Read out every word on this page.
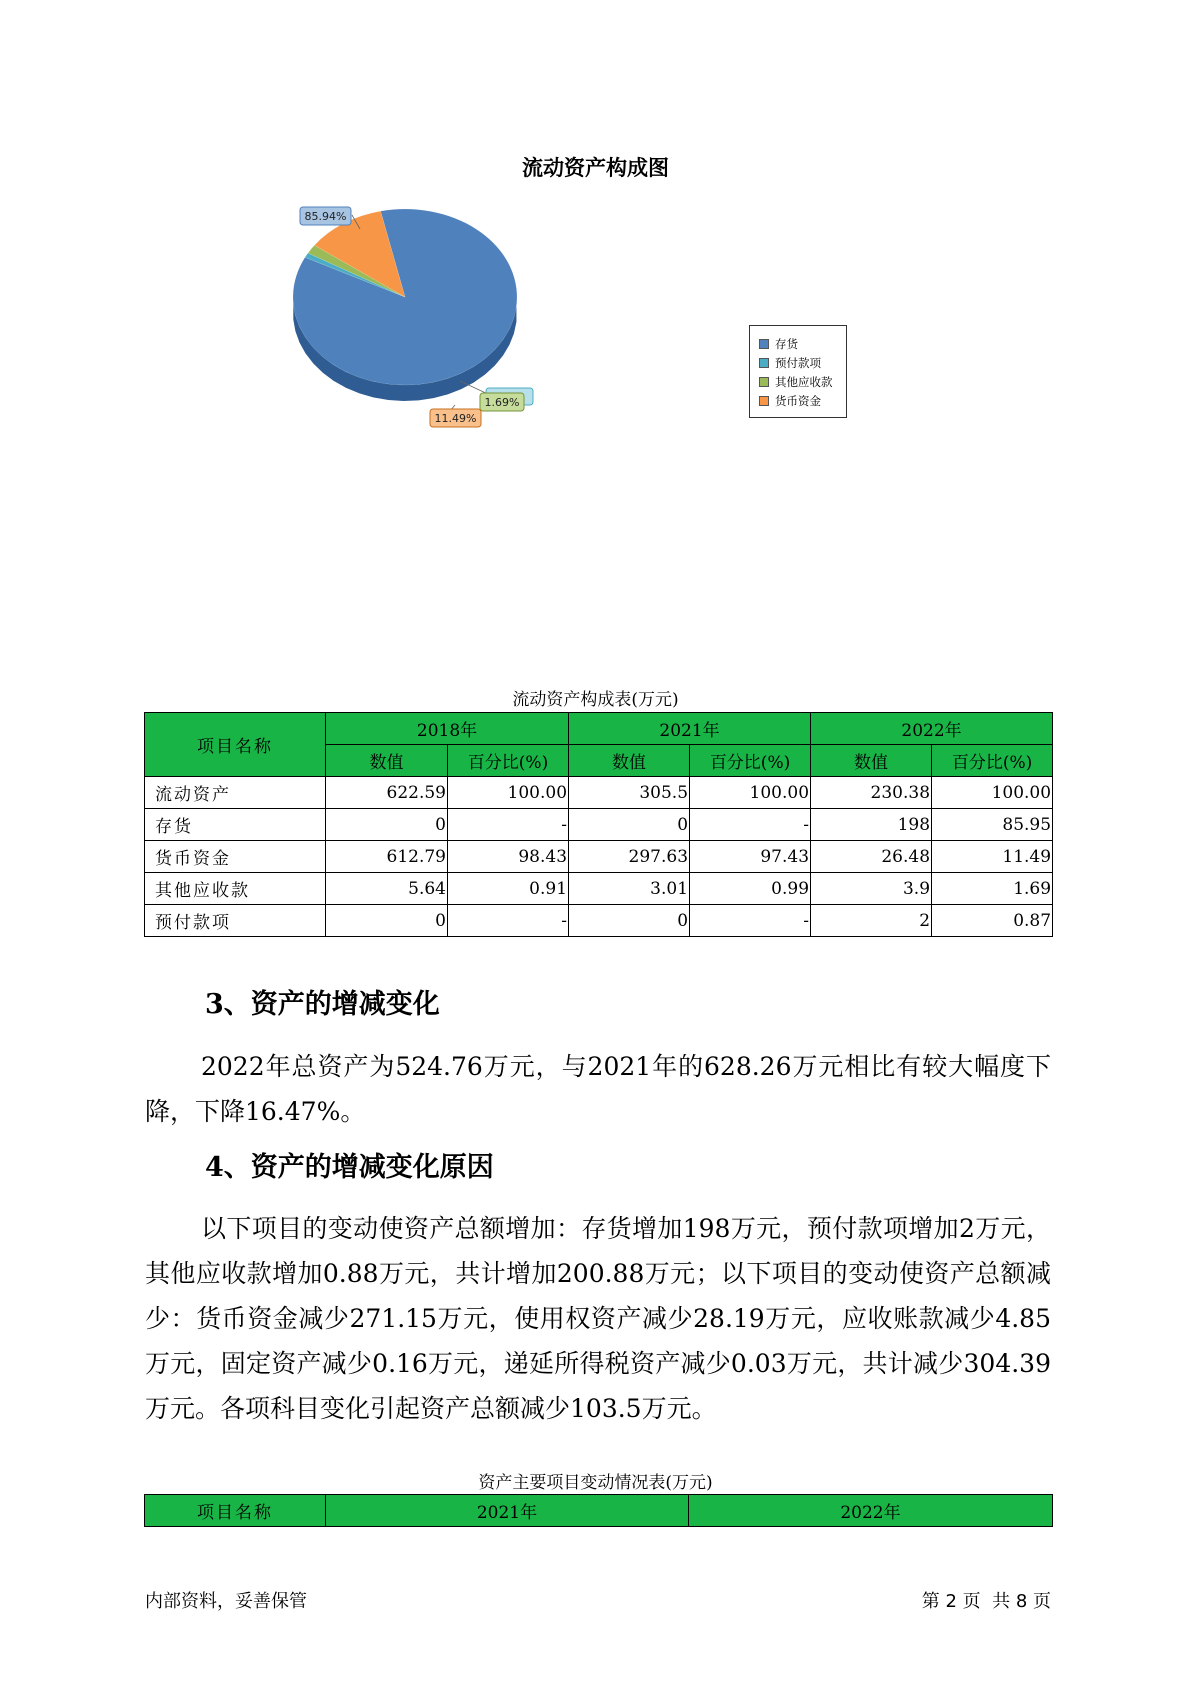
流动资产构成图
85.94%
1.69%
11.49%
存货
预付款项
其他应收款
货币资金
流动资产构成表(万元)
项目名称	2018年		2021年		2022年	
	数值	百分比(%)	数值	百分比(%)	数值	百分比(%)
流动资产	622.59	100.00	305.5	100.00	230.38	100.00
存货	0	-	0	-	198	85.95
货币资金	612.79	98.43	297.63	97.43	26.48	11.49
其他应收款	5.64	0.91	3.01	0.99	3.9	1.69
预付款项	0	-	0	-	2	0.87
3、资产的增减变化
2022年总资产为524.76万元，与2021年的628.26万元相比有较大幅度下降，下降16.47%。
4、资产的增减变化原因
以下项目的变动使资产总额增加：存货增加198万元，预付款项增加2万元，其他应收款增加0.88万元，共计增加200.88万元；以下项目的变动使资产总额减少：货币资金减少271.15万元，使用权资产减少28.19万元，应收账款减少4.85万元，固定资产减少0.16万元，递延所得税资产减少0.03万元，共计减少304.39万元。各项科目变化引起资产总额减少103.5万元。
资产主要项目变动情况表(万元)
项目名称	2021年	2022年
内部资料，妥善保管	第 2 页  共 8 页
